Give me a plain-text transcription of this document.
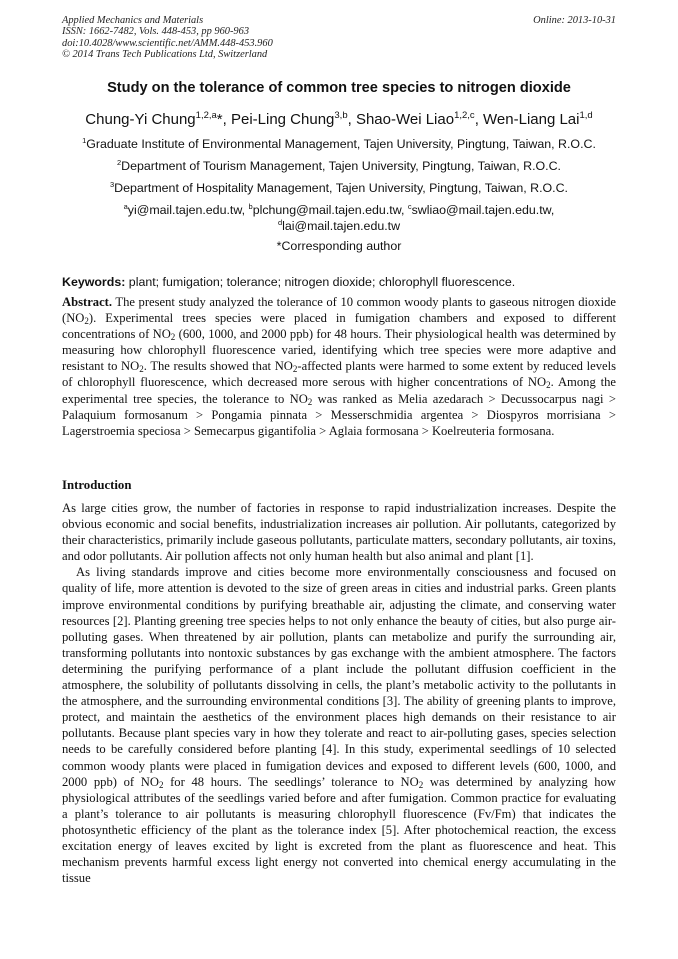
Applied Mechanics and Materials
ISSN: 1662-7482, Vols. 448-453, pp 960-963
doi:10.4028/www.scientific.net/AMM.448-453.960
© 2014 Trans Tech Publications Ltd, Switzerland
Online: 2013-10-31
Study on the tolerance of common tree species to nitrogen dioxide
Chung-Yi Chung$^{1,2,a}$*, Pei-Ling Chung$^{3,b}$, Shao-Wei Liao$^{1,2,c}$, Wen-Liang Lai$^{1,d}$
$^1$Graduate Institute of Environmental Management, Tajen University, Pingtung, Taiwan, R.O.C.
$^2$Department of Tourism Management, Tajen University, Pingtung, Taiwan, R.O.C.
$^3$Department of Hospitality Management, Tajen University, Pingtung, Taiwan, R.O.C.
$^a$yi@mail.tajen.edu.tw, $^b$plchung@mail.tajen.edu.tw, $^c$swliao@mail.tajen.edu.tw,
$^d$lai@mail.tajen.edu.tw
*Corresponding author
Keywords: plant; fumigation; tolerance; nitrogen dioxide; chlorophyll fluorescence.
Abstract. The present study analyzed the tolerance of 10 common woody plants to gaseous nitrogen dioxide $(NO_2)$. Experimental trees species were placed in fumigation chambers and exposed to different concentrations of $NO_2$ (600, 1000, and 2000 ppb) for 48 hours. Their physiological health was determined by measuring how chlorophyll fluorescence varied, identifying which tree species were more adaptive and resistant to $NO_2$. The results showed that $NO_2$-affected plants were harmed to some extent by reduced levels of chlorophyll fluorescence, which decreased more serous with higher concentrations of $NO_2$. Among the experimental tree species, the tolerance to $NO_2$ was ranked as Melia azedarach > Decussocarpus nagi > Palaquium formosanum > Pongamia pinnata > Messerschmidia argentea > Diospyros morrisiana > Lagerstroemia speciosa > Semecarpus gigantifolia > Aglaia formosana > Koelreuteria formosana.
Introduction

As large cities grow, the number of factories in response to rapid industrialization increases. Despite the obvious economic and social benefits, industrialization increases air pollution. Air pollutants, categorized by their characteristics, primarily include gaseous pollutants, particulate matters, secondary pollutants, air toxins, and odor pollutants. Air pollution affects not only human health but also animal and plant [1].

As living standards improve and cities become more environmentally consciousness and focused on quality of life, more attention is devoted to the size of green areas in cities and industrial parks. Green plants improve environmental conditions by purifying breathable air, adjusting the climate, and conserving water resources [2]. Planting greening tree species helps to not only enhance the beauty of cities, but also purge air-polluting gases. When threatened by air pollution, plants can metabolize and purify the surrounding air, transforming pollutants into nontoxic substances by gas exchange with the ambient atmosphere. The factors determining the purifying performance of a plant include the pollutant diffusion coefficient in the atmosphere, the solubility of pollutants dissolving in cells, the plant’s metabolic activity to the pollutants in the atmosphere, and the surrounding environmental conditions [3]. The ability of greening plants to improve, protect, and maintain the aesthetics of the environment places high demands on their resistance to air pollutants. Because plant species vary in how they tolerate and react to air-polluting gases, species selection needs to be carefully considered before planting [4]. In this study, experimental seedlings of 10 selected common woody plants were placed in fumigation devices and exposed to different levels (600, 1000, and 2000 ppb) of $NO_2$ for 48 hours. The seedlings’ tolerance to $NO_2$ was determined by analyzing how physiological attributes of the seedlings varied before and after fumigation. Common practice for evaluating a plant’s tolerance to air pollutants is measuring chlorophyll fluorescence (Fv/Fm) that indicates the photosynthetic efficiency of the plant as the tolerance index [5]. After photochemical reaction, the excess excitation energy of leaves excited by light is excreted from the plant as fluorescence and heat. This mechanism prevents harmful excess light energy not converted into chemical energy accumulating in the tissue
